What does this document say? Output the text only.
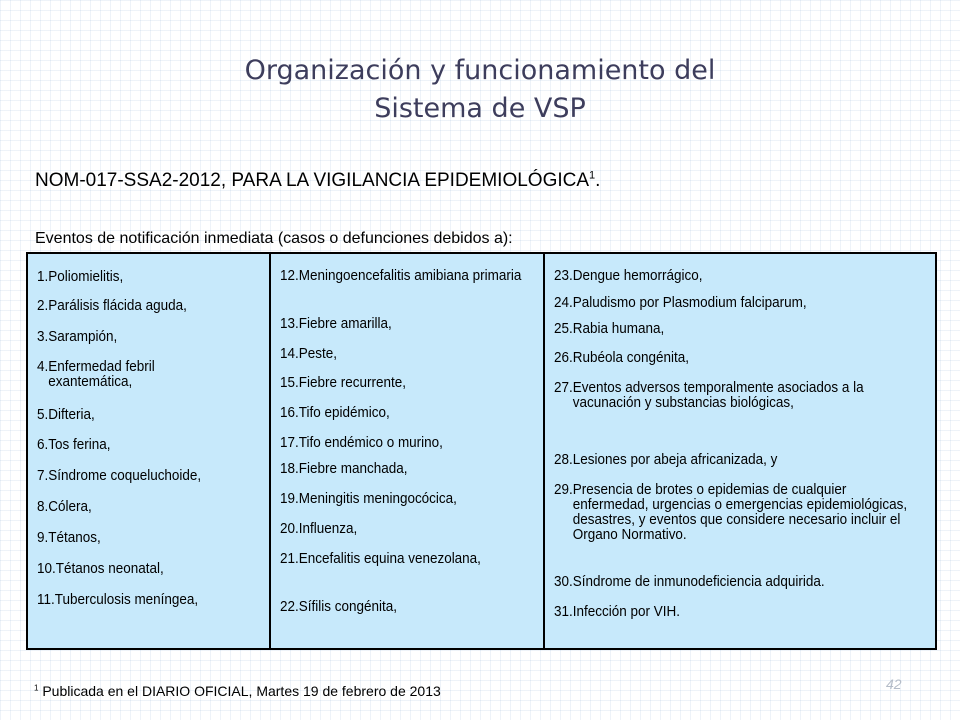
Organización y funcionamiento del
Sistema de VSP
NOM-017-SSA2-2012, PARA LA VIGILANCIA EPIDEMIOLÓGICA$^1$.
Eventos de notificación inmediata (casos o defunciones debidos a):
1. Poliomielitis,
2. Parálisis flácida aguda,
3. Sarampión,
4. Enfermedad febril exantemática,
5. Difteria,
6. Tos ferina,
7. Síndrome coqueluchoide,
8. Cólera,
9. Tétanos,
10. Tétanos neonatal,
11. Tuberculosis meníngea,
12. Meningoencefalitis amibiana primaria
13. Fiebre amarilla,
14. Peste,
15. Fiebre recurrente,
16. Tifo epidémico,
17. Tifo endémico o murino,
18. Fiebre manchada,
19. Meningitis meningocócica,
20. Influenza,
21. Encefalitis equina venezolana,
22. Sífilis congénita,
23. Dengue hemorrágico,
24. Paludismo por Plasmodium falciparum,
25. Rabia humana,
26. Rubéola congénita,
27. Eventos adversos temporalmente asociados a la vacunación y substancias biológicas,
28. Lesiones por abeja africanizada, y
29. Presencia de brotes o epidemias de cualquier enfermedad, urgencias o emergencias epidemiológicas, desastres, y eventos que considere necesario incluir el Organo Normativo.
30. Síndrome de inmunodeficiencia adquirida.
31. Infección por VIH.
$^1$ Publicada en el DIARIO OFICIAL, Martes 19 de febrero de 2013	42
